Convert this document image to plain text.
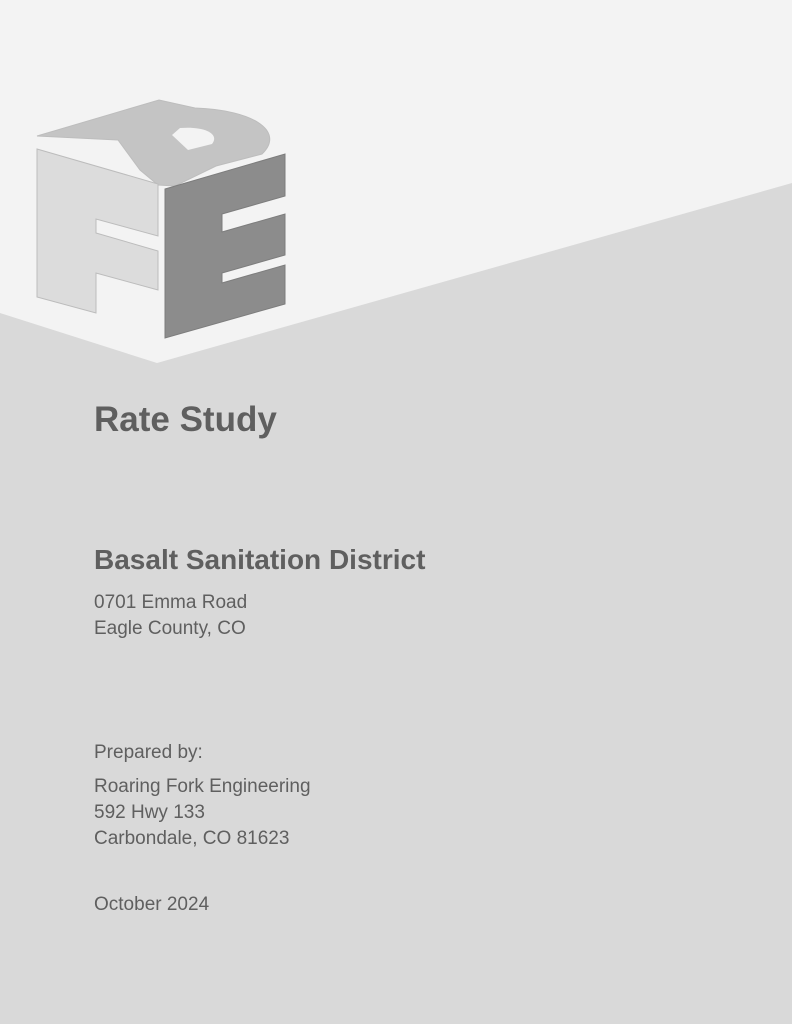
Rate Study
Basalt Sanitation District
0701 Emma Road
Eagle County, CO
Prepared by:
Roaring Fork Engineering
592 Hwy 133
Carbondale, CO 81623
October 2024
